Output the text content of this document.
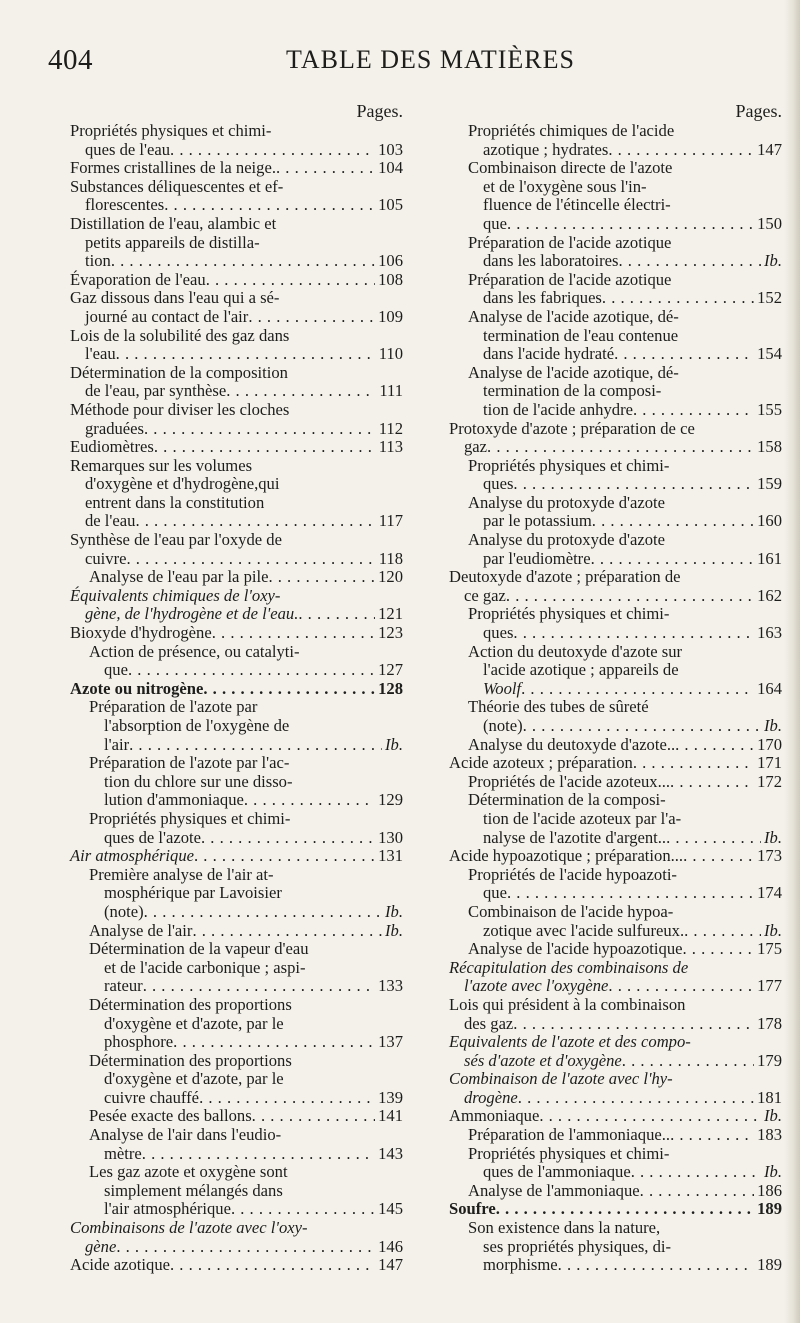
404	TABLE DES MATIÈRES
Pages.
Propriétés physiques et chimi-
ques de l'eau . . .	103
Formes cristallines de la neige. . . .	104
Substances déliquescentes et ef-
florescentes . . .	105
Distillation de l'eau, alambic et
petits appareils de distilla-
tion . . .	106
Évaporation de l'eau . . .	108
Gaz dissous dans l'eau qui a sé-
journé au contact de l'air . . .	109
Lois de la solubilité des gaz dans
l'eau . . .	110
Détermination de la composition
de l'eau, par synthèse . . .	111
Méthode pour diviser les cloches
graduées . . .	112
Eudiomètres . . .	113
Remarques sur les volumes
d'oxygène et d'hydrogène,qui
entrent dans la constitution
de l'eau . . .	117
Synthèse de l'eau par l'oxyde de
cuivre . . .	118
Analyse de l'eau par la pile . . .	120
Équivalents chimiques de l'oxy-
gène, de l'hydrogène et de l'eau. . . .	121
Bioxyde d'hydrogène . . .	123
Action de présence, ou catalyti-
que . . .	127
Azote ou nitrogène . . .	128
Préparation de l'azote par
l'absorption de l'oxygène de
l'air . . .	Ib.
Préparation de l'azote par l'ac-
tion du chlore sur une disso-
lution d'ammoniaque . . .	129
Propriétés physiques et chimi-
ques de l'azote . . .	130
Air atmosphérique . . .	131
Première analyse de l'air at-
mosphérique par Lavoisier
(note) . . .	Ib.
Analyse de l'air . . .	Ib.
Détermination de la vapeur d'eau
et de l'acide carbonique ; aspi-
rateur . . .	133
Détermination des proportions
d'oxygène et d'azote, par le
phosphore . . .	137
Détermination des proportions
d'oxygène et d'azote, par le
cuivre chauffé . . .	139
Pesée exacte des ballons . . .	141
Analyse de l'air dans l'eudio-
mètre . . .	143
Les gaz azote et oxygène sont
simplement mélangés dans
l'air atmosphérique . . .	145
Combinaisons de l'azote avec l'oxy-
gène . . .	146
Acide azotique . . .	147
Pages.
Propriétés chimiques de l'acide
azotique ; hydrates . . .	147
Combinaison directe de l'azote
et de l'oxygène sous l'in-
fluence de l'étincelle électri-
que . . .	150
Préparation de l'acide azotique
dans les laboratoires . . .	Ib.
Préparation de l'acide azotique
dans les fabriques . . .	152
Analyse de l'acide azotique, dé-
termination de l'eau contenue
dans l'acide hydraté . . .	154
Analyse de l'acide azotique, dé-
termination de la composi-
tion de l'acide anhydre . . .	155
Protoxyde d'azote ; préparation de ce
gaz . . .	158
Propriétés physiques et chimi-
ques . . .	159
Analyse du protoxyde d'azote
par le potassium . . .	160
Analyse du protoxyde d'azote
par l'eudiomètre . . .	161
Deutoxyde d'azote ; préparation de
ce gaz . . .	162
Propriétés physiques et chimi-
ques . . .	163
Action du deutoxyde d'azote sur
l'acide azotique ; appareils de
Woolf . . .	164
Théorie des tubes de sûreté
(note) . . .	Ib.
Analyse du deutoxyde d'azote.. . . .	170
Acide azoteux ; préparation . . .	171
Propriétés de l'acide azoteux... . . .	172
Détermination de la composi-
tion de l'acide azoteux par l'a-
nalyse de l'azotite d'argent.. . . .	Ib.
Acide hypoazotique ; préparation... . . .	173
Propriétés de l'acide hypoazoti-
que . . .	174
Combinaison de l'acide hypoa-
zotique avec l'acide sulfureux. . . .	Ib.
Analyse de l'acide hypoazotique . . .	175
Récapitulation des combinaisons de
l'azote avec l'oxygène . . .	177
Lois qui président à la combinaison
des gaz . . .	178
Equivalents de l'azote et des compo-
sés d'azote et d'oxygène . . .	179
Combinaison de l'azote avec l'hy-
drogène . . .	181
Ammoniaque . . .	Ib.
Préparation de l'ammoniaque.. . . .	183
Propriétés physiques et chimi-
ques de l'ammoniaque . . .	Ib.
Analyse de l'ammoniaque . . .	186
Soufre . . .	189
Son existence dans la nature,
ses propriétés physiques, di-
morphisme . . .	189
